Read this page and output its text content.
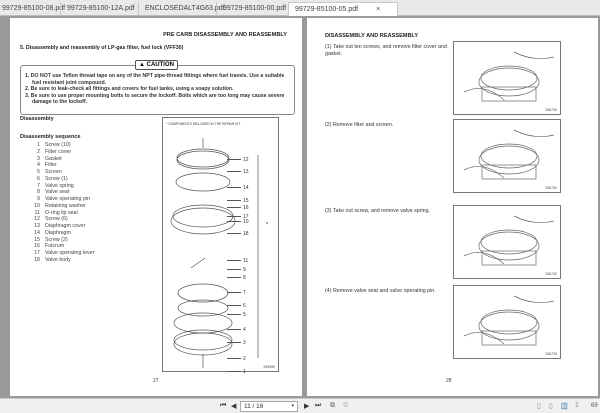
99729-85100-08.pdf 99729-85100-12A.pdf	ENCLOSEDALT4G63.pdf
99729-85100-00.pdf	99729-85100-05.pdf	×
PRE CARB DISASSEMBLY AND REASSEMBLY
5. Disassembly and reassembly of LP-gas filter, fuel lock (VFF30)
▲ CAUTION
1. DO NOT use Teflon thread tape on any of the NPT pipe-thread fittings where fuel travels. Use a suitable fuel resistant joint compound.
2. Be sure to leak-check all fittings and covers for fuel tanks, using a soapy solution.
3. Be sure to use proper mounting bolts to secure the lockoff. Bolts which are too long may cause severe damage to the lockoff.
Disassembly
Disassembly sequence
1 Screw (10)
2 Filter cover
3 Gasket
4 Filter
5 Screen
6 Screw (1)
7 Valve spring
8 Valve seat
9 Valve operating pin
10 Retaining washer
11 O-ring lip seal
12 Screw (6)
13 Diaphragm cover
14 Diaphragm
15 Screw (2)
16 Fulcrum
17 Valve operating lever
18 Valve body
* COMPONENTS INCLUDED IN THE REPAIR KIT.
12
13
14
15
16
17
10
18
11
9
8
7
6
5
4
3
2
1
*
205399
27
DISASSEMBLY AND REASSEMBLY
(1) Take out ten screws, and remove filter cover and gasket.
206730
(2) Remove filter and screen.
206731
(3) Take out screw, and remove valve spring.
206732
(4) Remove valve seat and valve operating pin.
206733
28
⏮ ◀	11 / 16	▾ ▶ ⏭ ⧉ ⧉	▯ ▯ ◫ ‡ 69
